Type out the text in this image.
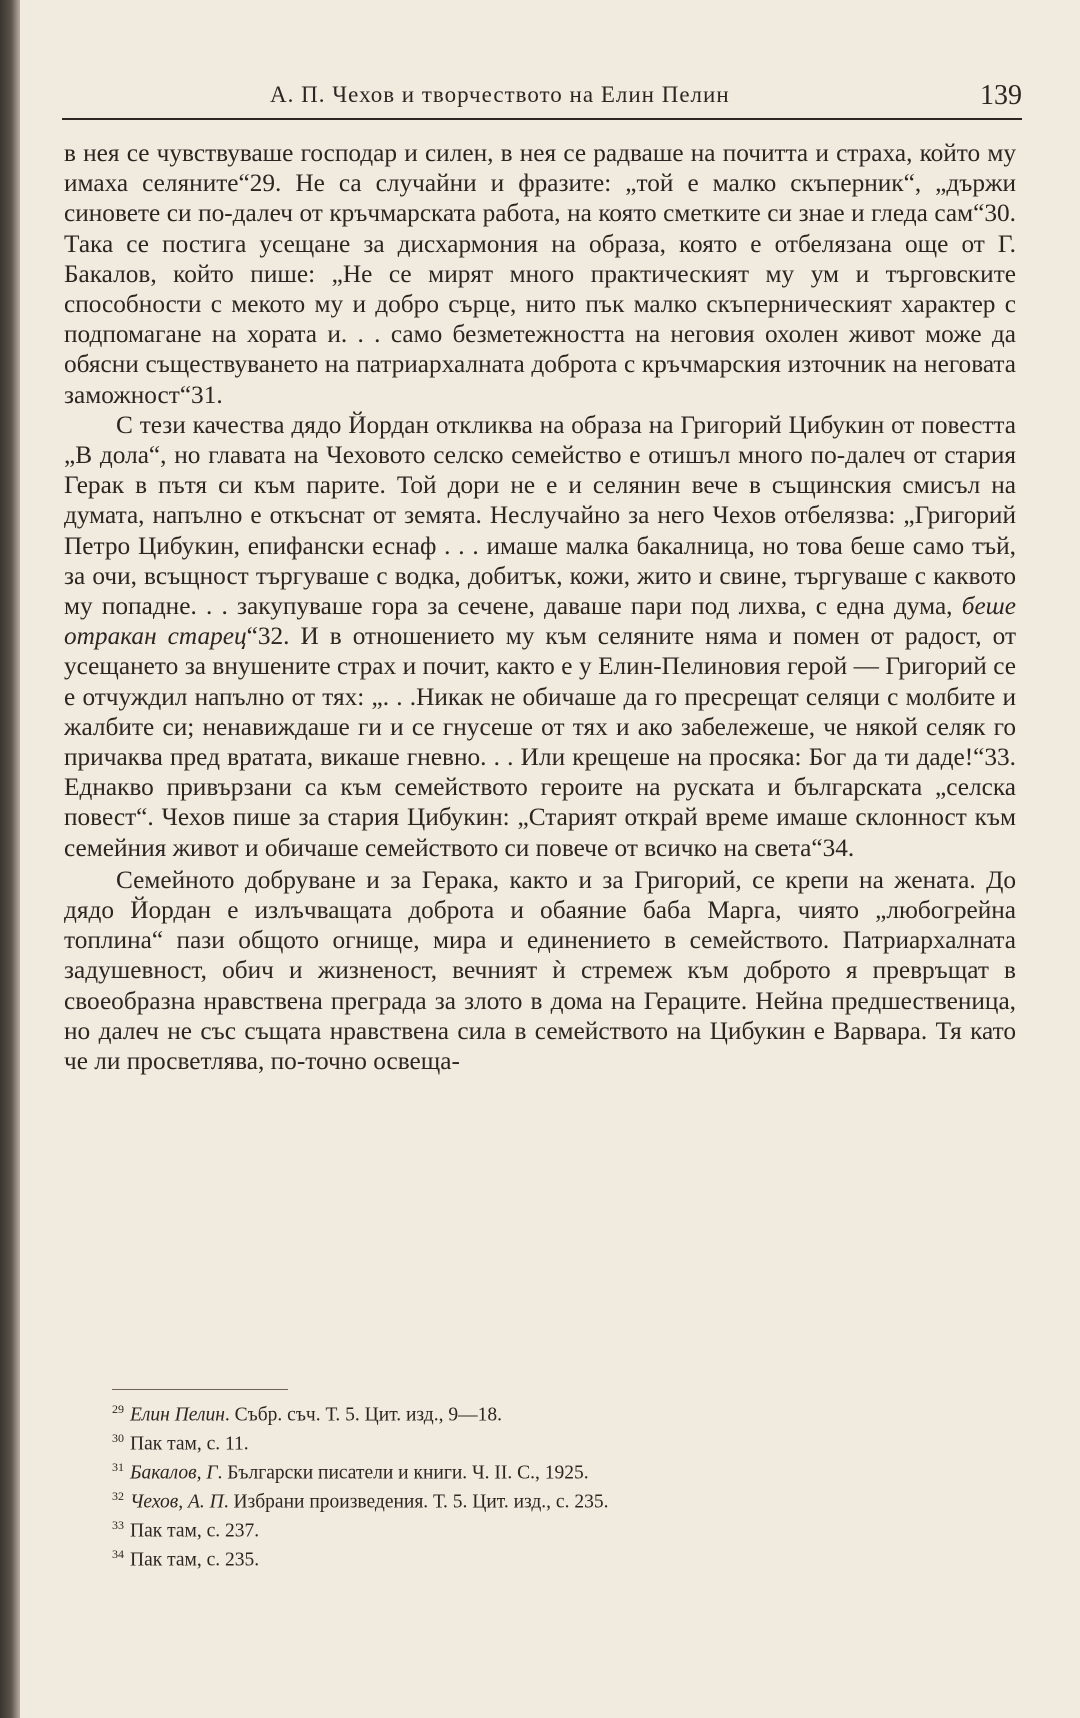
А. П. Чехов и творчеството на Елин Пелин	139

в нея се чувствуваше господар и силен, в нея се радваше на почитта и страха, който му имаха селяните“29. Не са случайни и фразите: „той е малко скъперник“, „държи синовете си по-далеч от кръчмарската работа, на която сметките си знае и гледа сам“30. Така се постига усещане за дисхармония на образа, която е отбелязана още от Г. Бакалов, който пише: „Не се мирят много практическият му ум и търговските способности с мекото му и добро сърце, нито пък малко скъперническият характер с подпомагане на хората и. . . само безметежността на неговия охолен живот може да обясни съществуването на патриархалната доброта с кръчмарския източник на неговата заможност“31.

С тези качества дядо Йордан откликва на образа на Григорий Цибукин от повестта „В дола“, но главата на Чеховото селско семейство е отишъл много по-далеч от стария Герак в пътя си към парите. Той дори не е и селянин вече в същинския смисъл на думата, напълно е откъснат от земята. Неслучайно за него Чехов отбелязва: „Григорий Петро Цибукин, епифански еснаф . . . имаше малка бакалница, но това беше само тъй, за очи, всъщност търгуваше с водка, добитък, кожи, жито и свине, търгуваше с каквото му попадне. . . закупуваше гора за сечене, даваше пари под лихва, с една дума, беше отракан старец“32. И в отношението му към селяните няма и помен от радост, от усещането за внушените страх и почит, както е у Елин-Пелиновия герой — Григорий се е отчуждил напълно от тях: „. . .Никак не обичаше да го пресрещат селяци с молбите и жалбите си; ненавиждаше ги и се гнусеше от тях и ако забележеше, че някой селяк го причаква пред вратата, викаше гневно. . . Или крещеше на просяка: Бог да ти даде!“33. Еднакво привързани са към семейството героите на руската и българската „селска повест“. Чехов пише за стария Цибукин: „Старият открай време имаше склонност към семейния живот и обичаше семейството си повече от всичко на света“34.

Семейното добруване и за Герака, както и за Григорий, се крепи на жената. До дядо Йордан е излъчващата доброта и обаяние баба Марга, чиято „любогрейна топлина“ пази общото огнище, мира и единението в семейството. Патриархалната задушевност, обич и жизненост, вечният ѝ стремеж към доброто я превръщат в своеобразна нравствена преграда за злото в дома на Гераците. Нейна предшественица, но далеч не със същата нравствена сила в семейството на Цибукин е Варвара. Тя като че ли просветлява, по-точно освеща-

$^{29}$ Елин Пелин. Събр. съч. Т. 5. Цит. изд., 9—18.
$^{30}$ Пак там, с. 11.
$^{31}$ Бакалов, Г. Български писатели и книги. Ч. II. С., 1925.
$^{32}$ Чехов, А. П. Избрани произведения. Т. 5. Цит. изд., с. 235.
$^{33}$ Пак там, с. 237.
$^{34}$ Пак там, с. 235.
